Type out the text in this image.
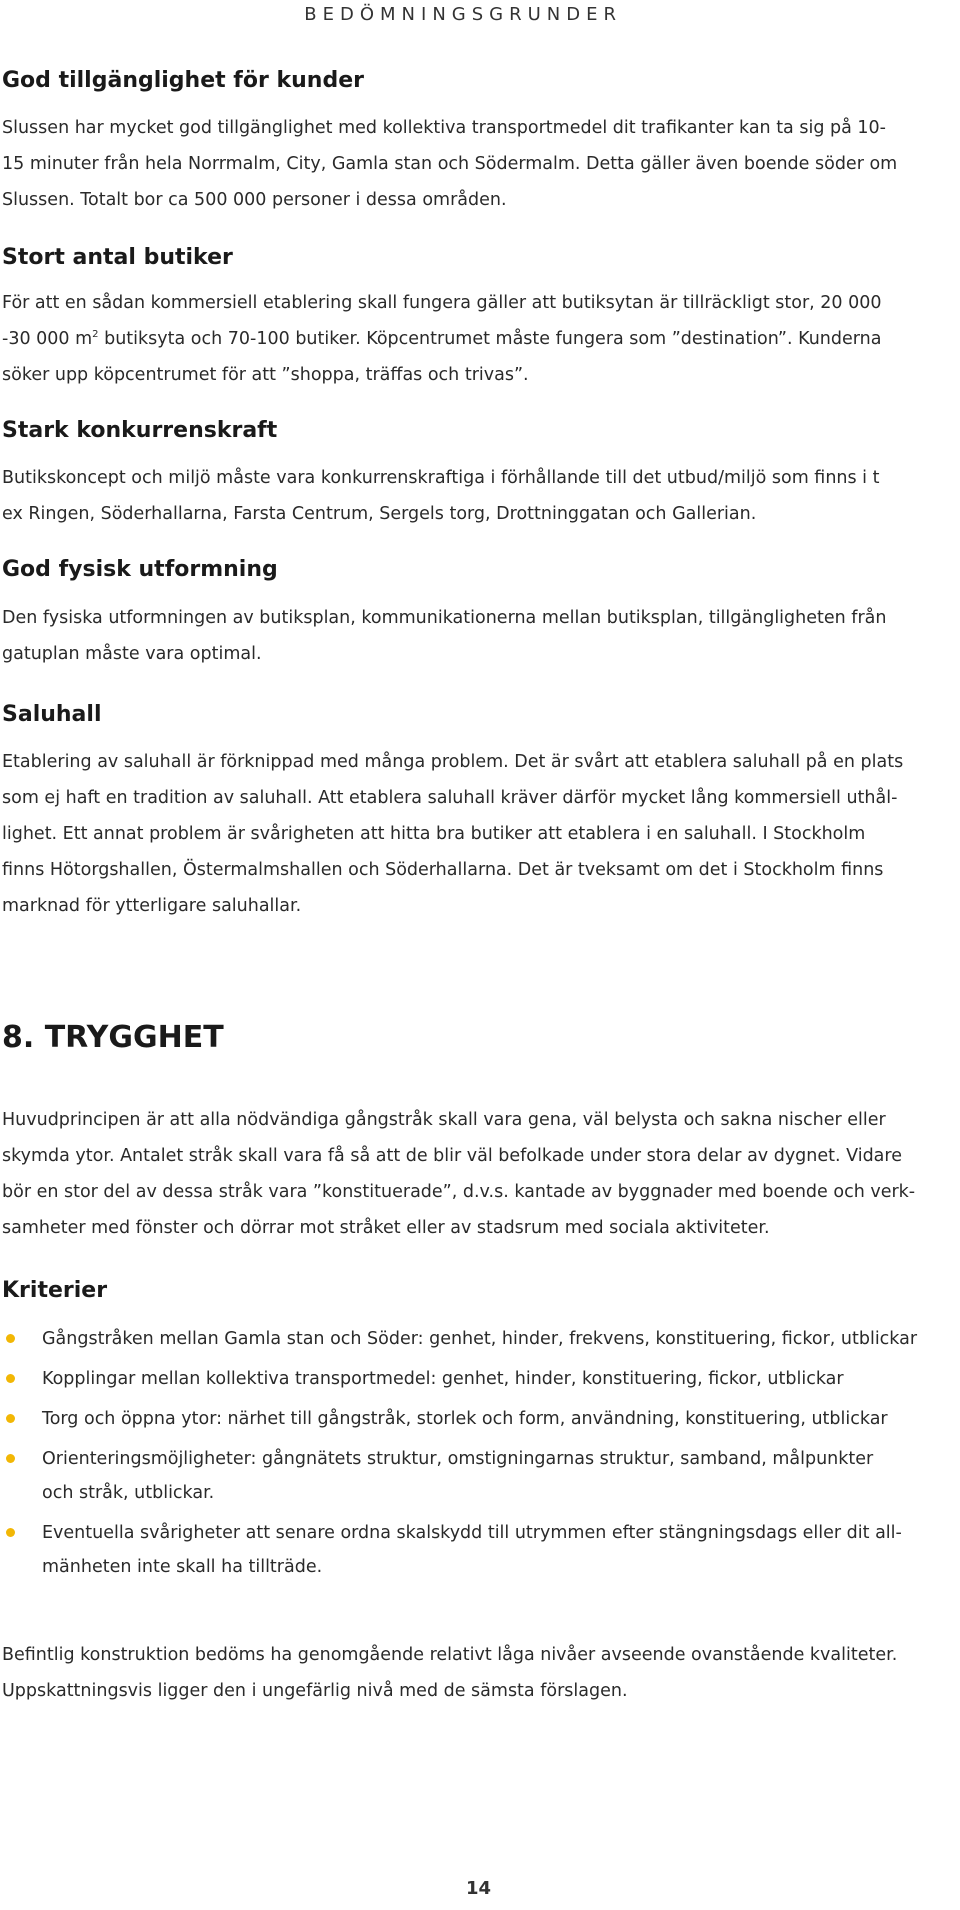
BEDÖMNINGSGRUNDER
God tillgänglighet för kunder
Slussen har mycket god tillgänglighet med kollektiva transportmedel dit trafikanter kan ta sig på 10-
15 minuter från hela Norrmalm, City, Gamla stan och Södermalm. Detta gäller även boende söder om
Slussen. Totalt bor ca 500 000 personer i dessa områden.
Stort antal butiker
För att en sådan kommersiell etablering skall fungera gäller att butiksytan är tillräckligt stor, 20 000
-30 000 $m^2$ butiksyta och 70-100 butiker. Köpcentrumet måste fungera som ”destination”. Kunderna
söker upp köpcentrumet för att ”shoppa, träffas och trivas”.
Stark konkurrenskraft
Butikskoncept och miljö måste vara konkurrenskraftiga i förhållande till det utbud/miljö som finns i t
ex Ringen, Söderhallarna, Farsta Centrum, Sergels torg, Drottninggatan och Gallerian.
God fysisk utformning
Den fysiska utformningen av butiksplan, kommunikationerna mellan butiksplan, tillgängligheten från
gatuplan måste vara optimal.
Saluhall
Etablering av saluhall är förknippad med många problem. Det är svårt att etablera saluhall på en plats
som ej haft en tradition av saluhall. Att etablera saluhall kräver därför mycket lång kommersiell uthål-
lighet. Ett annat problem är svårigheten att hitta bra butiker att etablera i en saluhall. I Stockholm
finns Hötorgshallen, Östermalmshallen och Söderhallarna. Det är tveksamt om det i Stockholm finns
marknad för ytterligare saluhallar.
8. TRYGGHET
Huvudprincipen är att alla nödvändiga gångstråk skall vara gena, väl belysta och sakna nischer eller
skymda ytor. Antalet stråk skall vara få så att de blir väl befolkade under stora delar av dygnet. Vidare
bör en stor del av dessa stråk vara ”konstituerade”, d.v.s. kantade av byggnader med boende och verk-
samheter med fönster och dörrar mot stråket eller av stadsrum med sociala aktiviteter.
Kriterier
Gångstråken mellan Gamla stan och Söder: genhet, hinder, frekvens, konstituering, fickor, utblickar
Kopplingar mellan kollektiva transportmedel: genhet, hinder, konstituering, fickor, utblickar
Torg och öppna ytor: närhet till gångstråk, storlek och form, användning, konstituering, utblickar
Orienteringsmöjligheter: gångnätets struktur, omstigningarnas struktur, samband, målpunkter
och stråk, utblickar.
Eventuella svårigheter att senare ordna skalskydd till utrymmen efter stängningsdags eller dit all-
mänheten inte skall ha tillträde.
Befintlig konstruktion bedöms ha genomgående relativt låga nivåer avseende ovanstående kvaliteter.
Uppskattningsvis ligger den i ungefärlig nivå med de sämsta förslagen.
14
